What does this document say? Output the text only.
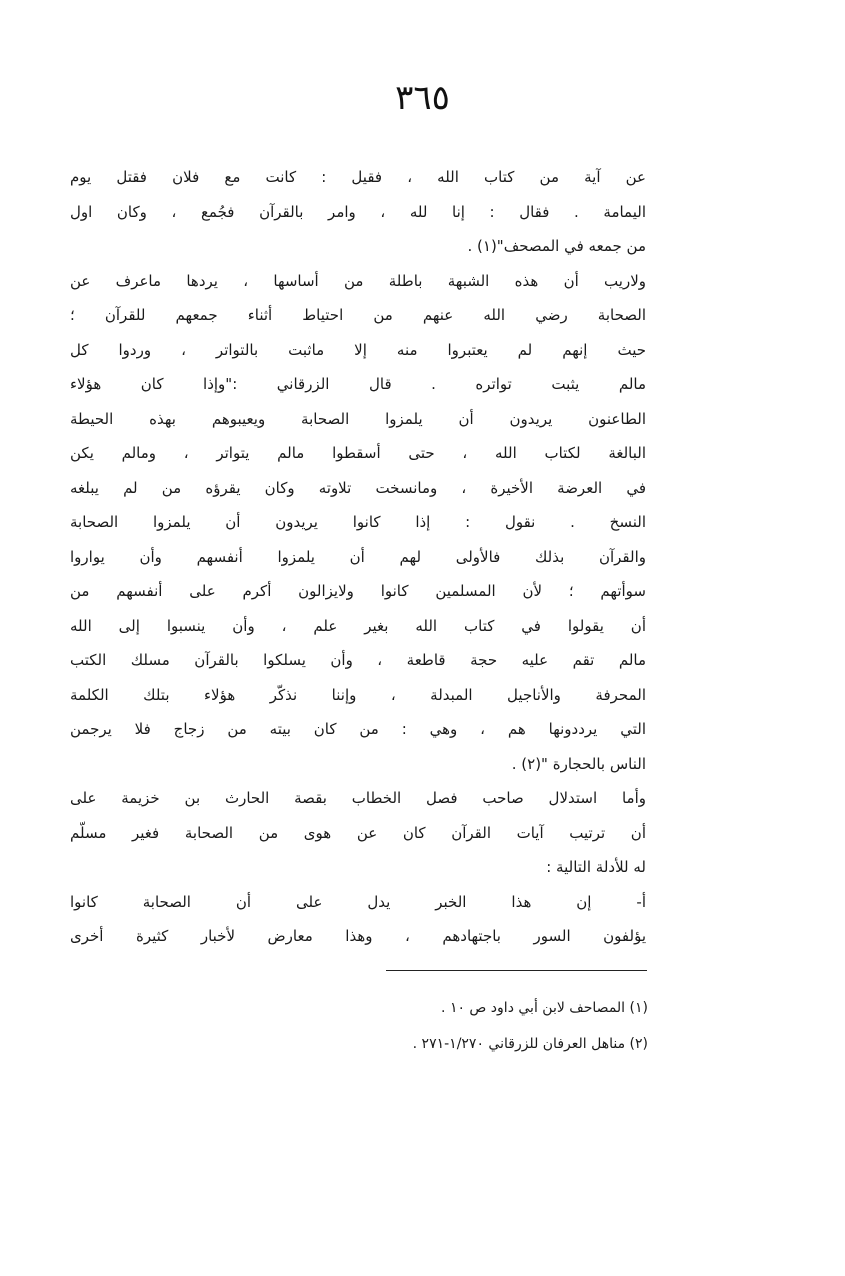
٣٦٥
عن آية من كتاب الله ، فقيل : كانت مع فلان فقتل يوم
اليمامة . فقال : إنا لله ، وامر بالقرآن فجُمع ، وكان اول
من جمعه في المصحف"(١) .
ولاريب أن هذه الشبهة باطلة من أساسها ، يردها ماعرف عن
الصحابة رضي الله عنهم من احتياط أثناء جمعهم للقرآن ؛
حيث إنهم لم يعتبروا منه إلا ماثبت بالتواتر ، وردوا كل
مالم يثبت تواتره . قال الزرقاني :"وإذا كان هؤلاء
الطاعنون يريدون أن يلمزوا الصحابة ويعيبوهم بهذه الحيطة
البالغة لكتاب الله ، حتى أسقطوا مالم يتواتر ، ومالم يكن
في العرضة الأخيرة ، ومانسخت تلاوته وكان يقرؤه من لم يبلغه
النسخ . نقول : إذا كانوا يريدون أن يلمزوا الصحابة
والقرآن بذلك فالأولى لهم أن يلمزوا أنفسهم وأن يواروا
سوأتهم ؛ لأن المسلمين كانوا ولايزالون أكرم على أنفسهم من
أن يقولوا في كتاب الله بغير علم ، وأن ينسبوا إلى الله
مالم تقم عليه حجة قاطعة ، وأن يسلكوا بالقرآن مسلك الكتب
المحرفة والأناجيل المبدلة ، وإننا نذكّر هؤلاء بتلك الكلمة
التي يرددونها هم ، وهي : من كان بيته من زجاج فلا يرجمن
الناس بالحجارة "(٢) .
وأما استدلال صاحب فصل الخطاب بقصة الحارث بن خزيمة على
أن ترتيب آيات القرآن كان عن هوى من الصحابة فغير مسلّم
له للأدلة التالية :
أ- إن هذا الخبر يدل على أن الصحابة كانوا
يؤلفون السور باجتهادهم ، وهذا معارض لأخبار كثيرة أخرى
(١) المصاحف لابن أبي داود ص ١٠ .
(٢) مناهل العرفان للزرقاني ١/٢٧٠-٢٧١ .
